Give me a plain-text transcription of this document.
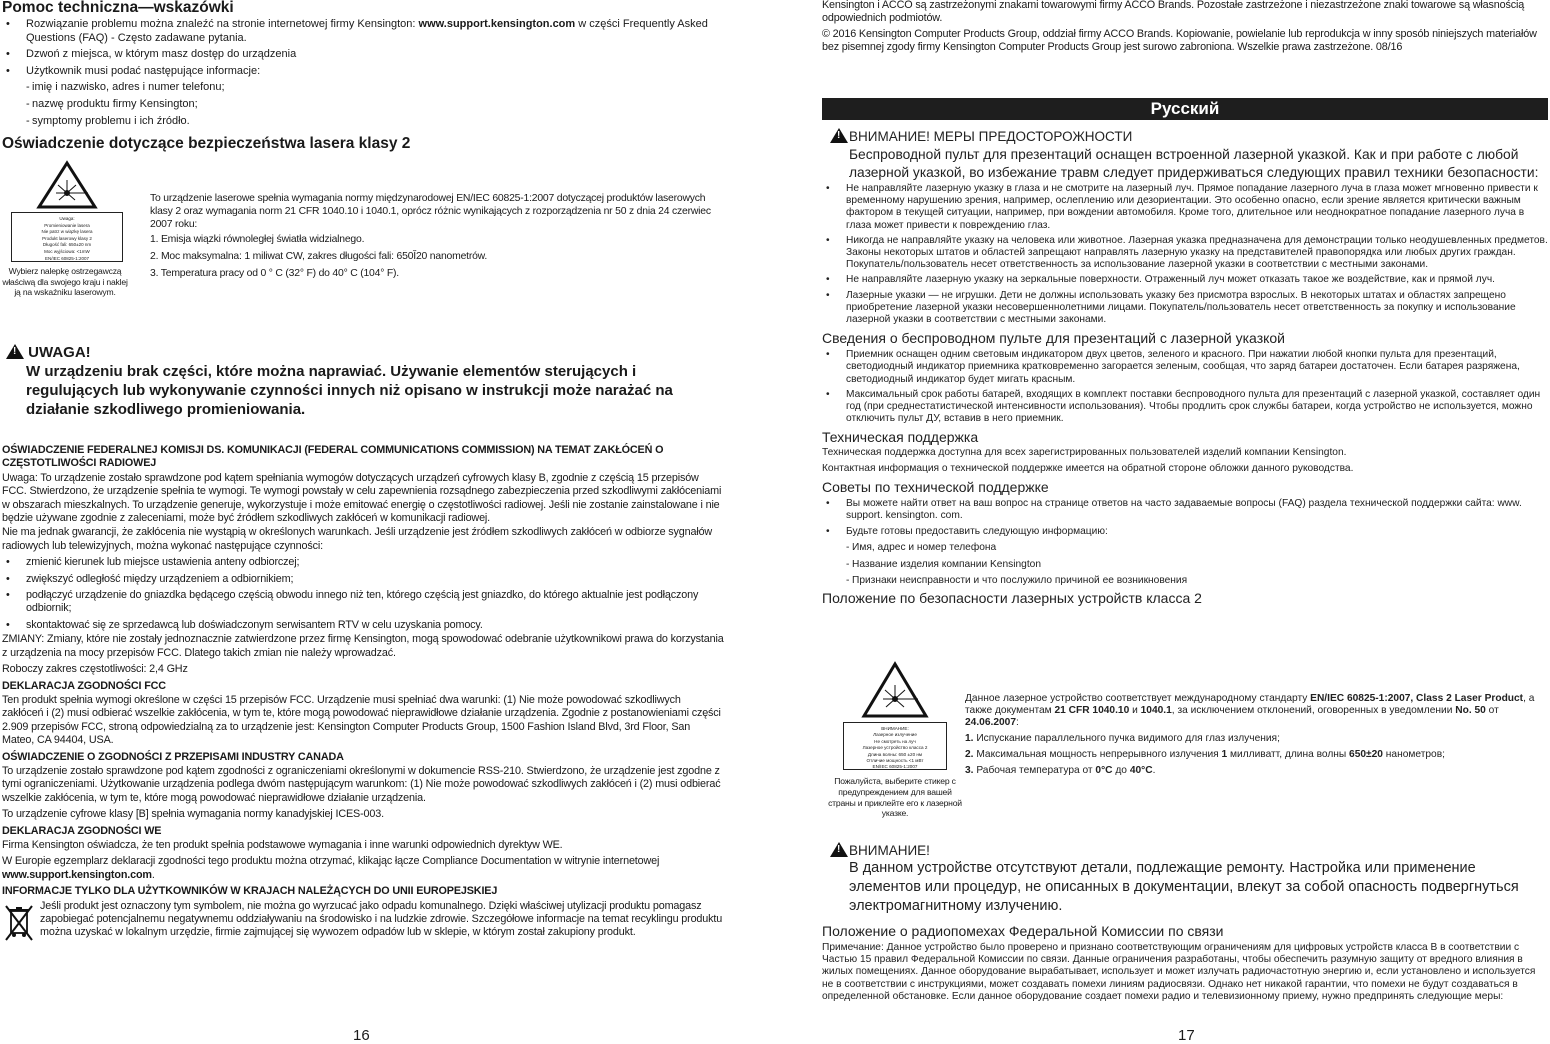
Pomoc techniczna—wskazówki

• Rozwiązanie problemu można znaleźć na stronie internetowej firmy Kensington: www.support.kensington.com w części Frequently Asked Questions (FAQ) - Często zadawane pytania.
• Dzwoń z miejsca, w którym masz dostęp do urządzenia
• Użytkownik musi podać następujące informacje:
- imię i nazwisko, adres i numer telefonu;
- nazwę produktu firmy Kensington;
- symptomy problemu i ich źródło.

Oświadczenie dotyczące bezpieczeństwa lasera klasy 2

Uwaga:
Promieniowanie lasera
Nie patrz w wiązkę lasera
Produkt laserowy klasy 2
Długość fali: 650±20 nm
Moc wyjściowa: <1mW
EN/IEC 60825-1:2007
Wybierz nalepkę ostrzegawczą właściwą dla swojego kraju i naklej ją na wskaźniku laserowym.
To urządzenie laserowe spełnia wymagania normy międzynarodowej EN/IEC 60825-1:2007 dotyczącej produktów laserowych klasy 2 oraz wymagania norm 21 CFR 1040.10 i 1040.1, oprócz różnic wynikających z rozporządzenia nr 50 z dnia 24 czerwiec 2007 roku:
1. Emisja wiązki równoległej światła widzialnego.
2. Moc maksymalna: 1 miliwat CW, zakres długości fali: 650Ĭ20 nanometrów.
3. Temperatura pracy od 0 ° C (32° F) do 40° C (104° F).
! UWAGA!
W urządzeniu brak części, które można naprawiać. Używanie elementów sterujących i regulujących lub wykonywanie czynności innych niż opisano w instrukcji może narażać na działanie szkodliwego promieniowania.
OŚWIADCZENIE FEDERALNEJ KOMISJI DS. KOMUNIKACJI (FEDERAL COMMUNICATIONS COMMISSION) NA TEMAT ZAKŁÓCEŃ O CZĘSTOTLIWOŚCI RADIOWEJ
Uwaga: To urządzenie zostało sprawdzone pod kątem spełniania wymogów dotyczących urządzeń cyfrowych klasy B, zgodnie z częścią 15 przepisów FCC. Stwierdzono, że urządzenie spełnia te wymogi. Te wymogi powstały w celu zapewnienia rozsądnego zabezpieczenia przed szkodliwymi zakłóceniami w obszarach mieszkalnych. To urządzenie generuje, wykorzystuje i może emitować energię o częstotliwości radiowej. Jeśli nie zostanie zainstalowane i nie będzie używane zgodnie z zaleceniami, może być źródłem szkodliwych zakłóceń w komunikacji radiowej.
Nie ma jednak gwarancji, że zakłócenia nie wystąpią w określonych warunkach. Jeśli urządzenie jest źródłem szkodliwych zakłóceń w odbiorze sygnałów radiowych lub telewizyjnych, można wykonać następujące czynności:
• zmienić kierunek lub miejsce ustawienia anteny odbiorczej;
• zwiększyć odległość między urządzeniem a odbiornikiem;
• podłączyć urządzenie do gniazdka będącego częścią obwodu innego niż ten, którego częścią jest gniazdko, do którego aktualnie jest podłączony odbiornik;
• skontaktować się ze sprzedawcą lub doświadczonym serwisantem RTV w celu uzyskania pomocy.
ZMIANY: Zmiany, które nie zostały jednoznacznie zatwierdzone przez firmę Kensington, mogą spowodować odebranie użytkownikowi prawa do korzystania z urządzenia na mocy przepisów FCC. Dlatego takich zmian nie należy wprowadzać.
Roboczy zakres częstotliwości: 2,4 GHz
DEKLARACJA ZGODNOŚCI FCC
Ten produkt spełnia wymogi określone w części 15 przepisów FCC. Urządzenie musi spełniać dwa warunki: (1) Nie może powodować szkodliwych zakłóceń i (2) musi odbierać wszelkie zakłócenia, w tym te, które mogą powodować nieprawidłowe działanie urządzenia. Zgodnie z postanowieniami części 2.909 przepisów FCC, stroną odpowiedzialną za to urządzenie jest: Kensington Computer Products Group, 1500 Fashion Island Blvd, 3rd Floor, San Mateo, CA 94404, USA.
OŚWIADCZENIE O ZGODNOŚCI Z PRZEPISAMI INDUSTRY CANADA
To urządzenie zostało sprawdzone pod kątem zgodności z ograniczeniami określonymi w dokumencie RSS-210. Stwierdzono, że urządzenie jest zgodne z tymi ograniczeniami. Użytkowanie urządzenia podlega dwóm następującym warunkom: (1) Nie może powodować szkodliwych zakłóceń i (2) musi odbierać wszelkie zakłócenia, w tym te, które mogą powodować nieprawidłowe działanie urządzenia.
To urządzenie cyfrowe klasy [B] spełnia wymagania normy kanadyjskiej ICES-003.
DEKLARACJA ZGODNOŚCI WE
Firma Kensington oświadcza, że ten produkt spełnia podstawowe wymagania i inne warunki odpowiednich dyrektyw WE.
W Europie egzemplarz deklaracji zgodności tego produktu można otrzymać, klikając łącze Compliance Documentation w witrynie internetowej www.support.kensington.com.
INFORMACJE TYLKO DLA UŻYTKOWNIKÓW W KRAJACH NALEŻĄCYCH DO UNII EUROPEJSKIEJ
Jeśli produkt jest oznaczony tym symbolem, nie można go wyrzucać jako odpadu komunalnego. Dzięki właściwej utylizacji produktu pomagasz zapobiegać potencjalnemu negatywnemu oddziaływaniu na środowisko i na ludzkie zdrowie. Szczegółowe informacje na temat recyklingu produktu można uzyskać w lokalnym urzędzie, firmie zajmującej się wywozem odpadów lub w sklepie, w którym został zakupiony produkt.
16
Kensington i ACCO są zastrzeżonymi znakami towarowymi firmy ACCO Brands. Pozostałe zastrzeżone i niezastrzeżone znaki towarowe są własnością odpowiednich podmiotów.
© 2016 Kensington Computer Products Group, oddział firmy ACCO Brands. Kopiowanie, powielanie lub reprodukcja w inny sposób niniejszych materiałów bez pisemnej zgody firmy Kensington Computer Products Group jest surowo zabroniona. Wszelkie prawa zastrzeżone. 08/16
Русский
!ВНИМАНИЕ! МЕРЫ ПРЕДОСТОРОЖНОСТИ
Беспроводной пульт для презентаций оснащен встроенной лазерной указкой. Как и при работе с любой лазерной указкой, во избежание травм следует придерживаться следующих правил техники безопасности:
• Не направляйте лазерную указку в глаза и не смотрите на лазерный луч. Прямое попадание лазерного луча в глаза может мгновенно привести к временному нарушению зрения, например, ослеплению или дезориентации. Это особенно опасно, если зрение является критически важным фактором в текущей ситуации, например, при вождении автомобиля. Кроме того, длительное или неоднократное попадание лазерного луча в глаза может привести к повреждению глаз.
• Никогда не направляйте указку на человека или животное. Лазерная указка предназначена для демонстрации только неодушевленных предметов. Законы некоторых штатов и областей запрещают направлять лазерную указку на представителей правопорядка или любых других граждан. Покупатель/пользователь несет ответственность за использование лазерной указки в соответствии с местными законами.
• Не направляйте лазерную указку на зеркальные поверхности. Отраженный луч может отказать такое же воздействие, как и прямой луч.
• Лазерные указки — не игрушки. Дети не должны использовать указку без присмотра взрослых. В некоторых штатах и областях запрещено приобретение лазерной указки несовершеннолетними лицами. Покупатель/пользователь несет ответственность за покупку и использование лазерной указки в соответствии с местными законами.
Сведения о беспроводном пульте для презентаций с лазерной указкой
• Приемник оснащен одним световым индикатором двух цветов, зеленого и красного. При нажатии любой кнопки пульта для презентаций, светодиодный индикатор приемника кратковременно загорается зеленым, сообщая, что заряд батареи достаточен. Если батарея разряжена, светодиодный индикатор будет мигать красным.
• Максимальный срок работы батарей, входящих в комплект поставки беспроводного пульта для презентаций с лазерной указкой, составляет один год (при среднестатистической интенсивности использования). Чтобы продлить срок службы батареи, когда устройство не используется, можно отключить пульт ДУ, вставив в него приемник.
Техническая поддержка
Техническая поддержка доступна для всех зарегистрированных пользователей изделий компании Kensington.
Контактная информация о технической поддержке имеется на обратной стороне обложки данного руководства.
Советы по технической поддержке
• Вы можете найти ответ на ваш вопрос на странице ответов на часто задаваемые вопросы (FAQ) раздела технической поддержки сайта: www. support. kensington. com.
• Будьте готовы предоставить следующую информацию:
- Имя, адрес и номер телефона
- Название изделия компании Kensington
- Признаки неисправности и что послужило причиной ее возникновения
Положение по безопасности лазерных устройств класса 2
ВНИМАНИЕ:
Лазерное излучение
Не смотреть на луч
Лазерное устройство класса 2
Длина волны: 650 ±20 нм
Отличие мощность <1 мВт
EN/IEC 60825-1:2007
Пожалуйста, выберите стикер с предупреждением для вашей страны и приклейте его к лазерной указке.
Данное лазерное устройство соответствует международному стандарту EN/IEC 60825-1:2007, Class 2 Laser Product, а также документам 21 CFR 1040.10 и 1040.1, за исключением отклонений, оговоренных в уведомлении No. 50 от 24.06.2007:
1. Испускание параллельного пучка видимого для глаз излучения;
2. Максимальная мощность непрерывного излучения 1 милливатт, длина волны 650±20 нанометров;
3. Рабочая температура от 0°C до 40°C.
!ВНИМАНИЕ!
В данном устройстве отсутствуют детали, подлежащие ремонту. Настройка или применение элементов или процедур, не описанных в документации, влекут за собой опасность подвергнуться электромагнитному излучению.
Положение о радиопомехах Федеральной Комиссии по связи
Примечание: Данное устройство было проверено и признано соответствующим ограничениям для цифровых устройств класса B в соответствии с Частью 15 правил Федеральной Комиссии по связи. Данные ограничения разработаны, чтобы обеспечить разумную защиту от вредного влияния в жилых помещениях. Данное оборудование вырабатывает, использует и может излучать радиочастотную энергию и, если установлено и используется не в соответствии с инструкциями, может создавать помехи линиям радиосвязи. Однако нет никакой гарантии, что помехи не будут создаваться в определенной обстановке. Если данное оборудование создает помехи радио и телевизионному приему, нужно предпринять следующие меры:
17
